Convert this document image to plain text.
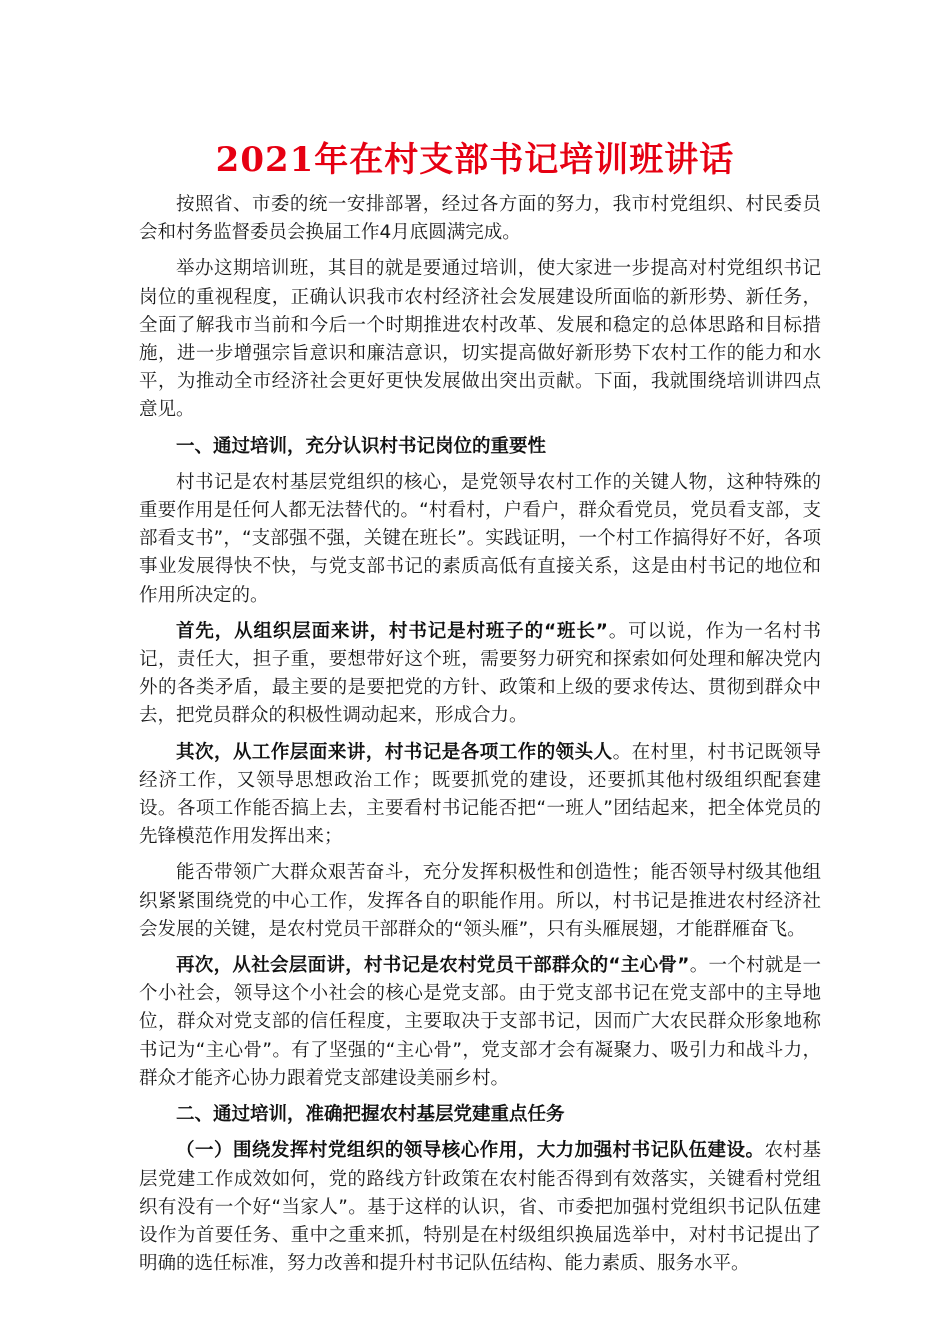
2021年在村支部书记培训班讲话

按照省、市委的统一安排部署，经过各方面的努力，我市村党组织、村民委员会和村务监督委员会换届工作4月底圆满完成。

举办这期培训班，其目的就是要通过培训，使大家进一步提高对村党组织书记岗位的重视程度，正确认识我市农村经济社会发展建设所面临的新形势、新任务，全面了解我市当前和今后一个时期推进农村改革、发展和稳定的总体思路和目标措施，进一步增强宗旨意识和廉洁意识，切实提高做好新形势下农村工作的能力和水平，为推动全市经济社会更好更快发展做出突出贡献。下面，我就围绕培训讲四点意见。

一、通过培训，充分认识村书记岗位的重要性

村书记是农村基层党组织的核心，是党领导农村工作的关键人物，这种特殊的重要作用是任何人都无法替代的。“村看村，户看户，群众看党员，党员看支部，支部看支书”，“支部强不强，关键在班长”。实践证明，一个村工作搞得好不好，各项事业发展得快不快，与党支部书记的素质高低有直接关系，这是由村书记的地位和作用所决定的。

首先，从组织层面来讲，村书记是村班子的“班长”。可以说，作为一名村书记，责任大，担子重，要想带好这个班，需要努力研究和探索如何处理和解决党内外的各类矛盾，最主要的是要把党的方针、政策和上级的要求传达、贯彻到群众中去，把党员群众的积极性调动起来，形成合力。

其次，从工作层面来讲，村书记是各项工作的领头人。在村里，村书记既领导经济工作，又领导思想政治工作；既要抓党的建设，还要抓其他村级组织配套建设。各项工作能否搞上去，主要看村书记能否把“一班人”团结起来，把全体党员的先锋模范作用发挥出来；

能否带领广大群众艰苦奋斗，充分发挥积极性和创造性；能否领导村级其他组织紧紧围绕党的中心工作，发挥各自的职能作用。所以，村书记是推进农村经济社会发展的关键，是农村党员干部群众的“领头雁”，只有头雁展翅，才能群雁奋飞。

再次，从社会层面讲，村书记是农村党员干部群众的“主心骨”。一个村就是一个小社会，领导这个小社会的核心是党支部。由于党支部书记在党支部中的主导地位，群众对党支部的信任程度，主要取决于支部书记，因而广大农民群众形象地称书记为“主心骨”。有了坚强的“主心骨”，党支部才会有凝聚力、吸引力和战斗力，群众才能齐心协力跟着党支部建设美丽乡村。

二、通过培训，准确把握农村基层党建重点任务

（一）围绕发挥村党组织的领导核心作用，大力加强村书记队伍建设。农村基层党建工作成效如何，党的路线方针政策在农村能否得到有效落实，关键看村党组织有没有一个好“当家人”。基于这样的认识，省、市委把加强村党组织书记队伍建设作为首要任务、重中之重来抓，特别是在村级组织换届选举中，对村书记提出了明确的选任标准，努力改善和提升村书记队伍结构、能力素质、服务水平。
